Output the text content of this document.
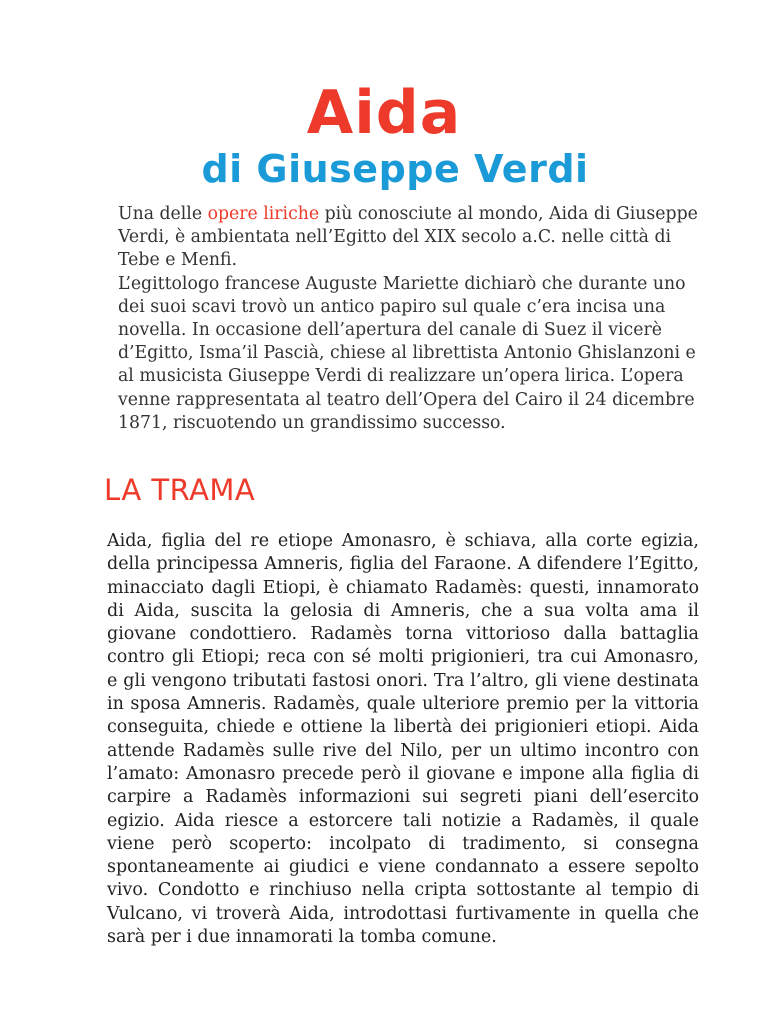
Aida
di Giuseppe Verdi

Una delle opere liriche più conosciute al mondo, Aida di Giuseppe Verdi, è ambientata nell’Egitto del XIX secolo a.C. nelle città di Tebe e Menfi.

L’egittologo francese Auguste Mariette dichiarò che durante uno dei suoi scavi trovò un antico papiro sul quale c’era incisa una novella. In occasione dell’apertura del canale di Suez il vicerè d’Egitto, Isma’il Pascià, chiese al librettista Antonio Ghislanzoni e al musicista Giuseppe Verdi di realizzare un’opera lirica. L’opera venne rappresentata al teatro dell’Opera del Cairo il 24 dicembre 1871, riscuotendo un grandissimo successo.

LA TRAMA

Aida, figlia del re etiope Amonasro, è schiava, alla corte egizia, della principessa Amneris, figlia del Faraone. A difendere l’Egitto, minacciato dagli Etiopi, è chiamato Radamès: questi, innamorato di Aida, suscita la gelosia di Amneris, che a sua volta ama il giovane condottiero. Radamès torna vittorioso dalla battaglia contro gli Etiopi; reca con sé molti prigionieri, tra cui Amonasro, e gli vengono tributati fastosi onori. Tra l’altro, gli viene destinata in sposa Amneris. Radamès, quale ulteriore premio per la vittoria conseguita, chiede e ottiene la libertà dei prigionieri etiopi. Aida attende Radamès sulle rive del Nilo, per un ultimo incontro con l’amato: Amonasro precede però il giovane e impone alla figlia di carpire a Radamès informazioni sui segreti piani dell’esercito egizio. Aida riesce a estorcere tali notizie a Radamès, il quale viene però scoperto: incolpato di tradimento, si consegna spontaneamente ai giudici e viene condannato a essere sepolto vivo. Condotto e rinchiuso nella cripta sottostante al tempio di Vulcano, vi troverà Aida, introdottasi furtivamente in quella che sarà per i due innamorati la tomba comune.
